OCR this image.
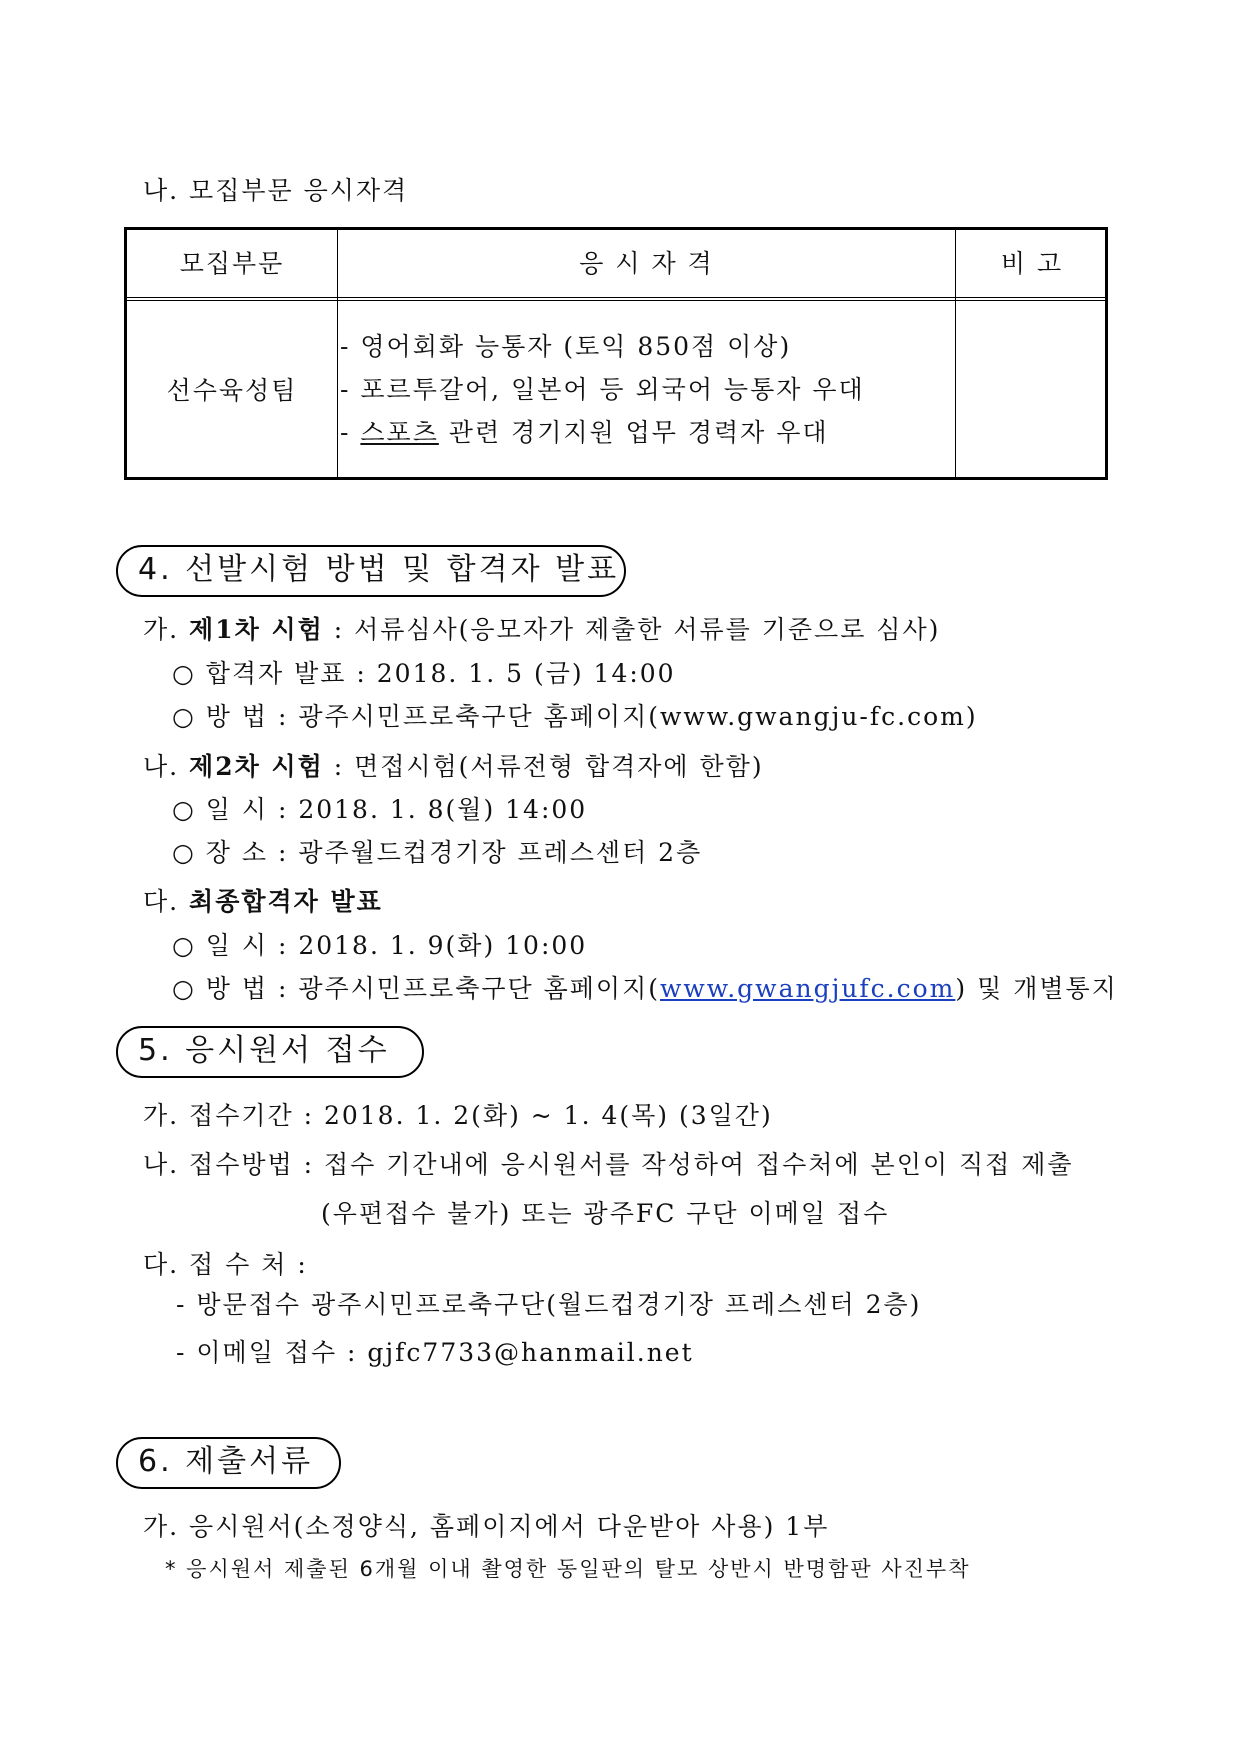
나. 모집부문 응시자격
모집부문	응 시 자 격	비 고
선수육성팀
- 영어회화 능통자 (토익 850점 이상)
- 포르투갈어, 일본어 등 외국어 능통자 우대
- 스포츠 관련 경기지원 업무 경력자 우대
4. 선발시험 방법 및 합격자 발표
가. 제1차 시험 : 서류심사(응모자가 제출한 서류를 기준으로 심사)
○ 합격자 발표 : 2018. 1. 5 (금) 14:00
○ 방 법 : 광주시민프로축구단 홈페이지(www.gwangju-fc.com)
나. 제2차 시험 : 면접시험(서류전형 합격자에 한함)
○ 일 시 : 2018. 1. 8(월) 14:00
○ 장 소 : 광주월드컵경기장 프레스센터 2층
다. 최종합격자 발표
○ 일 시 : 2018. 1. 9(화) 10:00
○ 방 법 : 광주시민프로축구단 홈페이지(www.gwangjufc.com) 및 개별통지
5. 응시원서 접수
가. 접수기간 : 2018. 1. 2(화) ~ 1. 4(목) (3일간)
나. 접수방법 : 접수 기간내에 응시원서를 작성하여 접수처에 본인이 직접 제출
(우편접수 불가) 또는 광주FC 구단 이메일 접수
다. 접 수 처 :
- 방문접수 광주시민프로축구단(월드컵경기장 프레스센터 2층)
- 이메일 접수 : gjfc7733@hanmail.net
6. 제출서류
가. 응시원서(소정양식, 홈페이지에서 다운받아 사용) 1부
* 응시원서 제출된 6개월 이내 촬영한 동일판의 탈모 상반시 반명함판 사진부착
